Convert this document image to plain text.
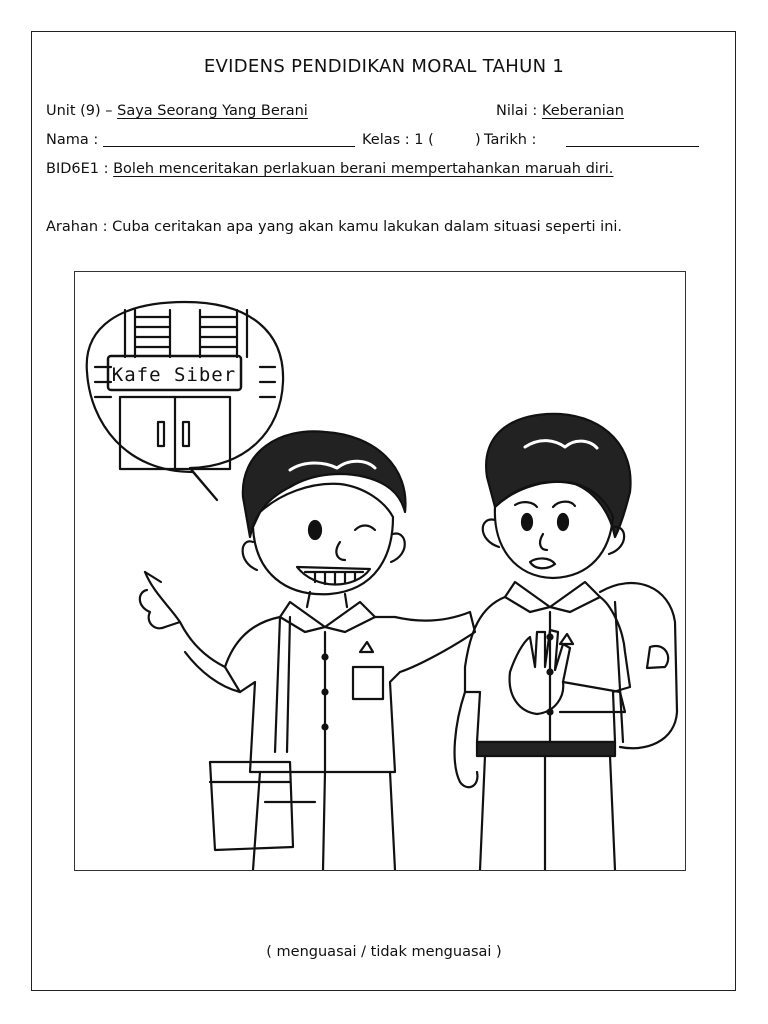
EVIDENS PENDIDIKAN MORAL TAHUN 1
Unit (9) – Saya Seorang Yang Berani	Nilai : Keberanian
Nama :	Kelas : 1 (	) Tarikh :
BID6E1 : Boleh menceritakan perlakuan berani mempertahankan maruah diri.
Arahan : Cuba ceritakan apa yang akan kamu lakukan dalam situasi seperti ini.
Kafe Siber
( menguasai / tidak menguasai )
